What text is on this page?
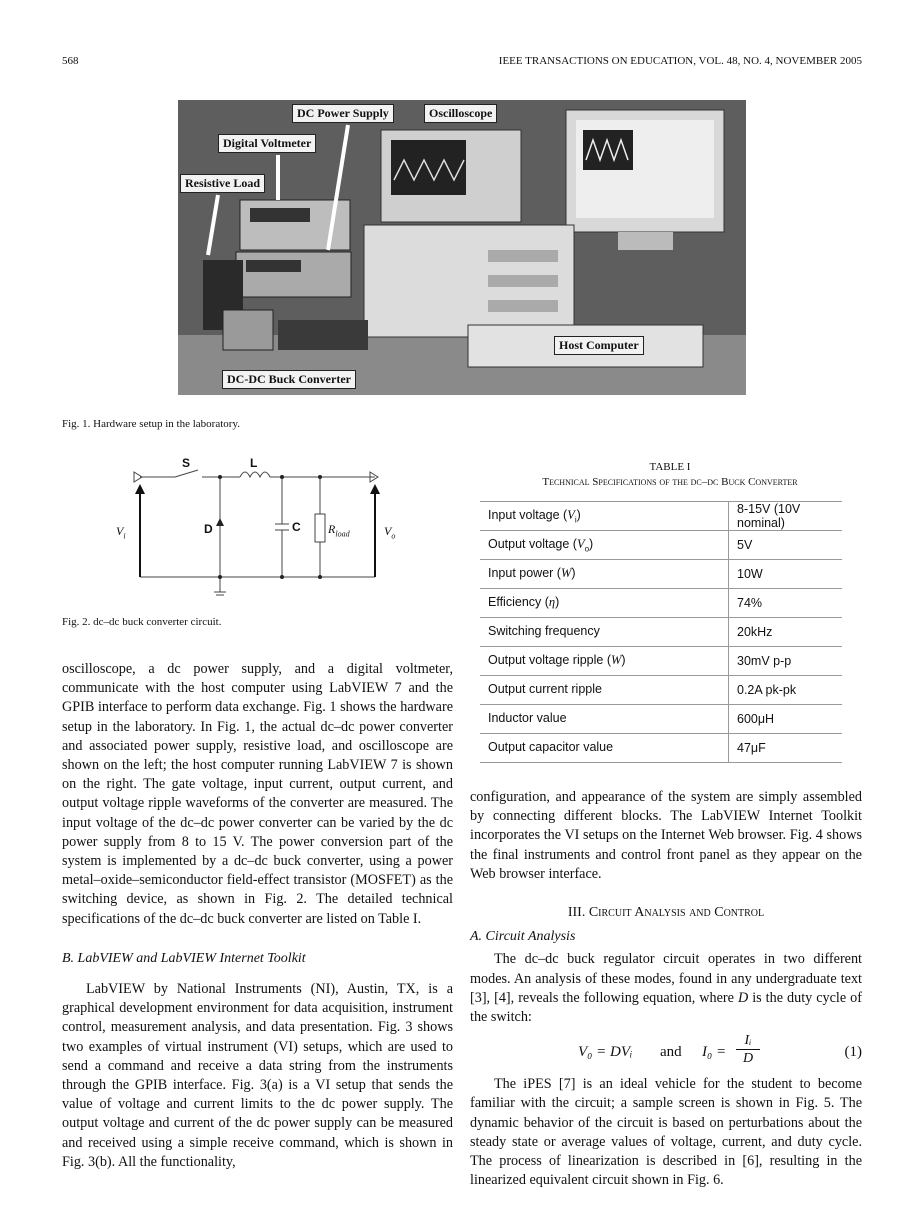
568	IEEE TRANSACTIONS ON EDUCATION, VOL. 48, NO. 4, NOVEMBER 2005
DC Power Supply	Oscilloscope
Digital Voltmeter
Resistive Load
Host Computer
DC-DC Buck Converter
Fig. 1. Hardware setup in the laboratory.
S	L
D	C
$V_i$	$R_{load}$	$V_o$
Fig. 2. dc–dc buck converter circuit.
TABLE I
Technical Specifications of the dc–dc Buck Converter
Input voltage $(V_i)$	8-15V (10V nominal)
Output voltage $(V_o)$	5V
Input power (W)	10W
Efficiency (η)	74%
Switching frequency	20kHz
Output voltage ripple (W)	30mV p-p
Output current ripple	0.2A pk-pk
Inductor value	600μH
Output capacitor value	47μF

oscilloscope, a dc power supply, and a digital voltmeter, communicate with the host computer using LabVIEW 7 and the GPIB interface to perform data exchange. Fig. 1 shows the hardware setup in the laboratory. In Fig. 1, the actual dc–dc power converter and associated power supply, resistive load, and oscilloscope are shown on the left; the host computer running LabVIEW 7 is shown on the right. The gate voltage, input current, output current, and output voltage ripple waveforms of the converter are measured. The input voltage of the dc–dc power converter can be varied by the dc power supply from 8 to 15 V. The power conversion part of the system is implemented by a dc–dc buck converter, using a power metal–oxide–semiconductor field-effect transistor (MOSFET) as the switching device, as shown in Fig. 2. The detailed technical specifications of the dc–dc buck converter are listed on Table I.

B. LabVIEW and LabVIEW Internet Toolkit

LabVIEW by National Instruments (NI), Austin, TX, is a graphical development environment for data acquisition, instrument control, measurement analysis, and data presentation. Fig. 3 shows two examples of virtual instrument (VI) setups, which are used to send a command and receive a data string from the instruments through the GPIB interface. Fig. 3(a) is a VI setup that sends the value of voltage and current limits to the dc power supply. The output voltage and current of the dc power supply can be measured and received using a simple receive command, which is shown in Fig. 3(b). All the functionality,

configuration, and appearance of the system are simply assembled by connecting different blocks. The LabVIEW Internet Toolkit incorporates the VI setups on the Internet Web browser. Fig. 4 shows the final instruments and control front panel as they appear on the Web browser interface.

III. Circuit Analysis and Control

A. Circuit Analysis

The dc–dc buck regulator circuit operates in two different modes. An analysis of these modes, found in any undergraduate text [3], [4], reveals the following equation, where D is the duty cycle of the switch:

V₀ = DVᵢ and I₀ =
Iᵢ
D	(1)

The iPES [7] is an ideal vehicle for the student to become familiar with the circuit; a sample screen is shown in Fig. 5. The dynamic behavior of the circuit is based on perturbations about the steady state or average values of voltage, current, and duty cycle. The process of linearization is described in [6], resulting in the linearized equivalent circuit shown in Fig. 6.
